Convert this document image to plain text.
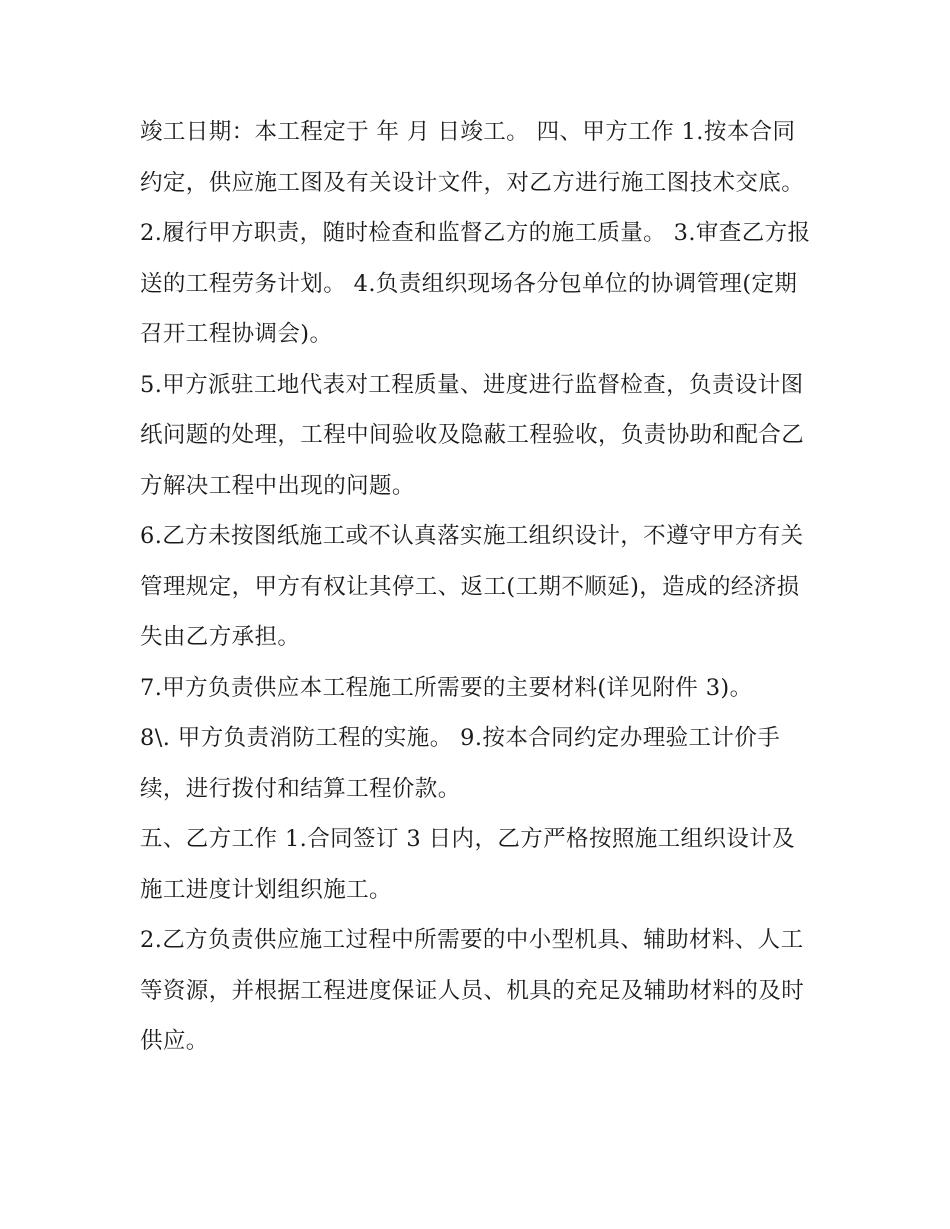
竣工日期：本工程定于 年 月 日竣工。 四、甲方工作 1.按本合同约定，供应施工图及有关设计文件，对乙方进行施工图技术交底。

2.履行甲方职责，随时检查和监督乙方的施工质量。 3.审查乙方报送的工程劳务计划。 4.负责组织现场各分包单位的协调管理(定期召开工程协调会)。

5.甲方派驻工地代表对工程质量、进度进行监督检查，负责设计图纸问题的处理，工程中间验收及隐蔽工程验收，负责协助和配合乙方解决工程中出现的问题。

6.乙方未按图纸施工或不认真落实施工组织设计，不遵守甲方有关管理规定，甲方有权让其停工、返工(工期不顺延)，造成的经济损失由乙方承担。

7.甲方负责供应本工程施工所需要的主要材料(详见附件 3)。

8\. 甲方负责消防工程的实施。 9.按本合同约定办理验工计价手续，进行拨付和结算工程价款。

五、乙方工作 1.合同签订 3 日内，乙方严格按照施工组织设计及施工进度计划组织施工。

2.乙方负责供应施工过程中所需要的中小型机具、辅助材料、人工等资源，并根据工程进度保证人员、机具的充足及辅助材料的及时供应。
